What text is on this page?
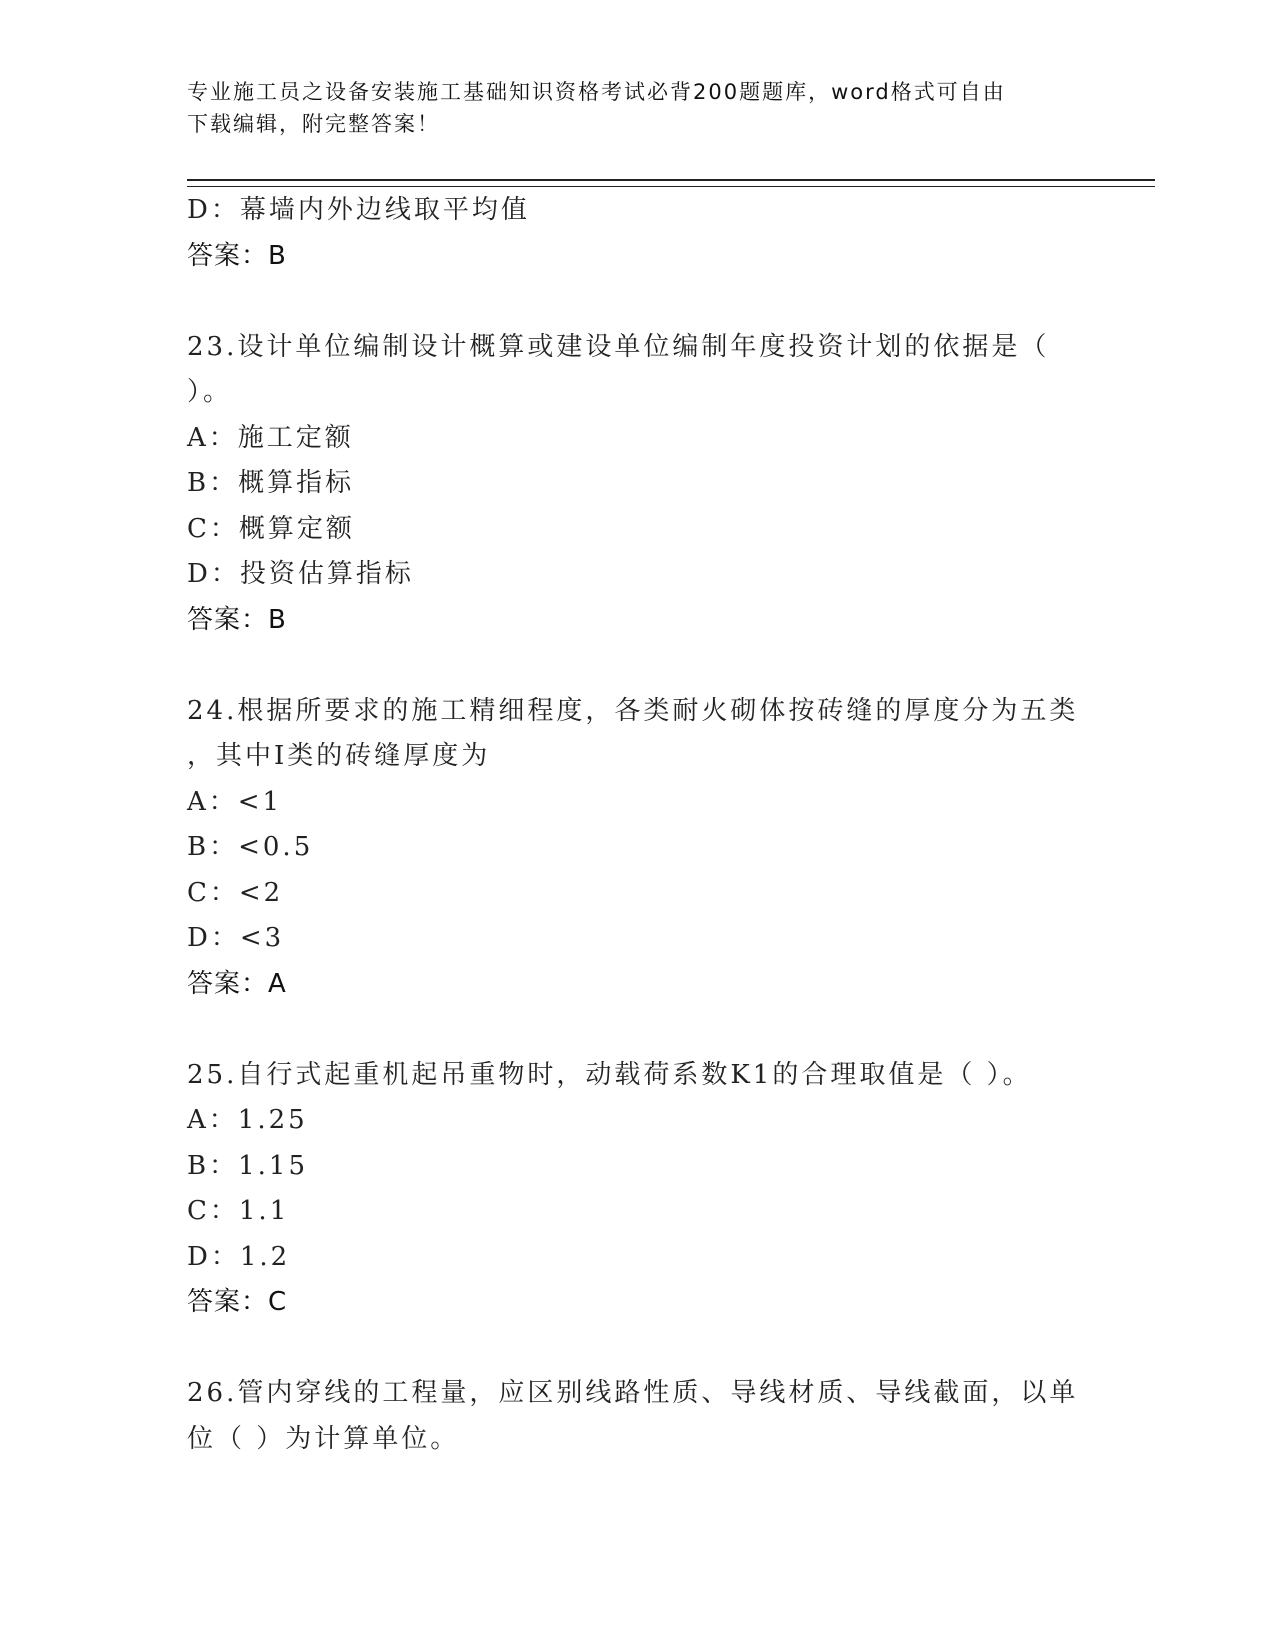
专业施工员之设备安装施工基础知识资格考试必背200题题库，word格式可自由
下载编辑，附完整答案！
D：幕墙内外边线取平均值
答案：B
23.设计单位编制设计概算或建设单位编制年度投资计划的依据是（
）。
A：施工定额
B：概算指标
C：概算定额
D：投资估算指标
答案：B
24.根据所要求的施工精细程度，各类耐火砌体按砖缝的厚度分为五类
，其中Ⅰ类的砖缝厚度为
A：<1
B：<0.5
C：<2
D：<3
答案：A
25.自行式起重机起吊重物时，动载荷系数K1的合理取值是（ ）。
A：1.25
B：1.15
C：1.1
D：1.2
答案：C
26.管内穿线的工程量，应区别线路性质、导线材质、导线截面，以单
位（ ）为计算单位。
